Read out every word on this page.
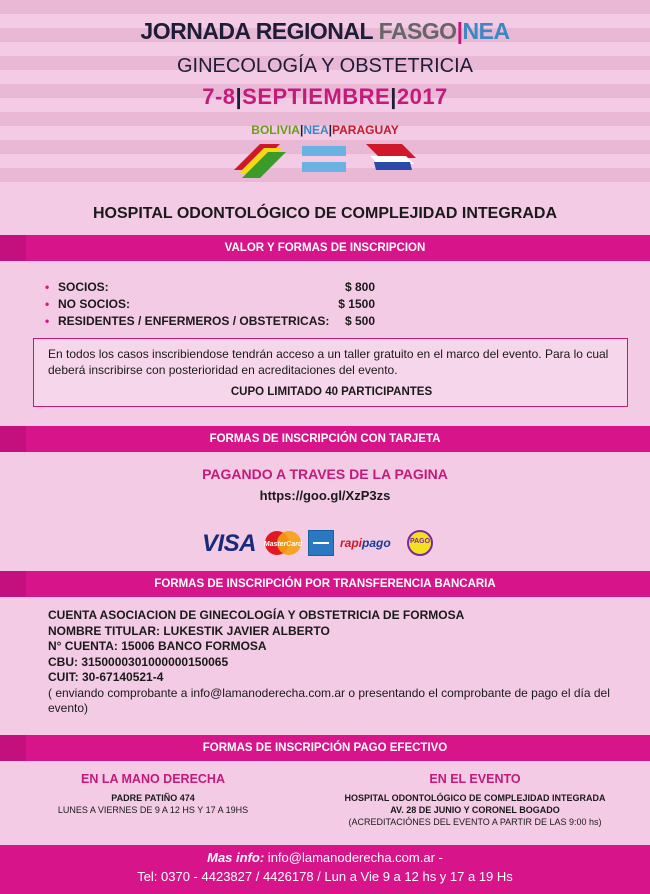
JORNADA REGIONAL FASGO|NEA
GINECOLOGÍA Y OBSTETRICIA
7-8|SEPTIEMBRE|2017
BOLIVIA|NEA|PARAGUAY
HOSPITAL ODONTOLÓGICO DE COMPLEJIDAD INTEGRADA
VALOR Y FORMAS DE INSCRIPCION
• SOCIOS:	$ 800
• NO SOCIOS:	$ 1500
• RESIDENTES / ENFERMEROS / OBSTETRICAS: $ 500
En todos los casos inscribiendose tendrán acceso a un taller gratuito en el marco del evento. Para lo cual deberá inscribirse con posterioridad en acreditaciones del evento.
CUPO LIMITADO 40 PARTICIPANTES
FORMAS DE INSCRIPCIÓN CON TARJETA
PAGANDO A TRAVES DE LA PAGINA
https://goo.gl/XzP3zs
VISA MasterCard	rapipago	PAGO
FORMAS DE INSCRIPCIÓN POR TRANSFERENCIA BANCARIA
CUENTA ASOCIACION DE GINECOLOGÍA Y OBSTETRICIA DE FORMOSA
NOMBRE TITULAR: LUKESTIK JAVIER ALBERTO
N° CUENTA: 15006 BANCO FORMOSA
CBU: 3150000301000000150065
CUIT: 30-67140521-4
( enviando comprobante a info@lamanoderecha.com.ar o presentando el comprobante de pago el día del evento)
FORMAS DE INSCRIPCIÓN PAGO EFECTIVO
EN LA MANO DERECHA
PADRE PATIÑO 474
LUNES A VIERNES DE 9 A 12 HS Y 17 A 19HS
EN EL EVENTO
HOSPITAL ODONTOLÓGICO DE COMPLEJIDAD INTEGRADA
AV. 28 DE JUNIO Y CORONEL BOGADO
(ACREDITACIÓNES DEL EVENTO A PARTIR DE LAS 9:00 hs)
Mas info: info@lamanoderecha.com.ar -
Tel: 0370 - 4423827 / 4426178 / Lun a Vie 9 a 12 hs y 17 a 19 Hs
